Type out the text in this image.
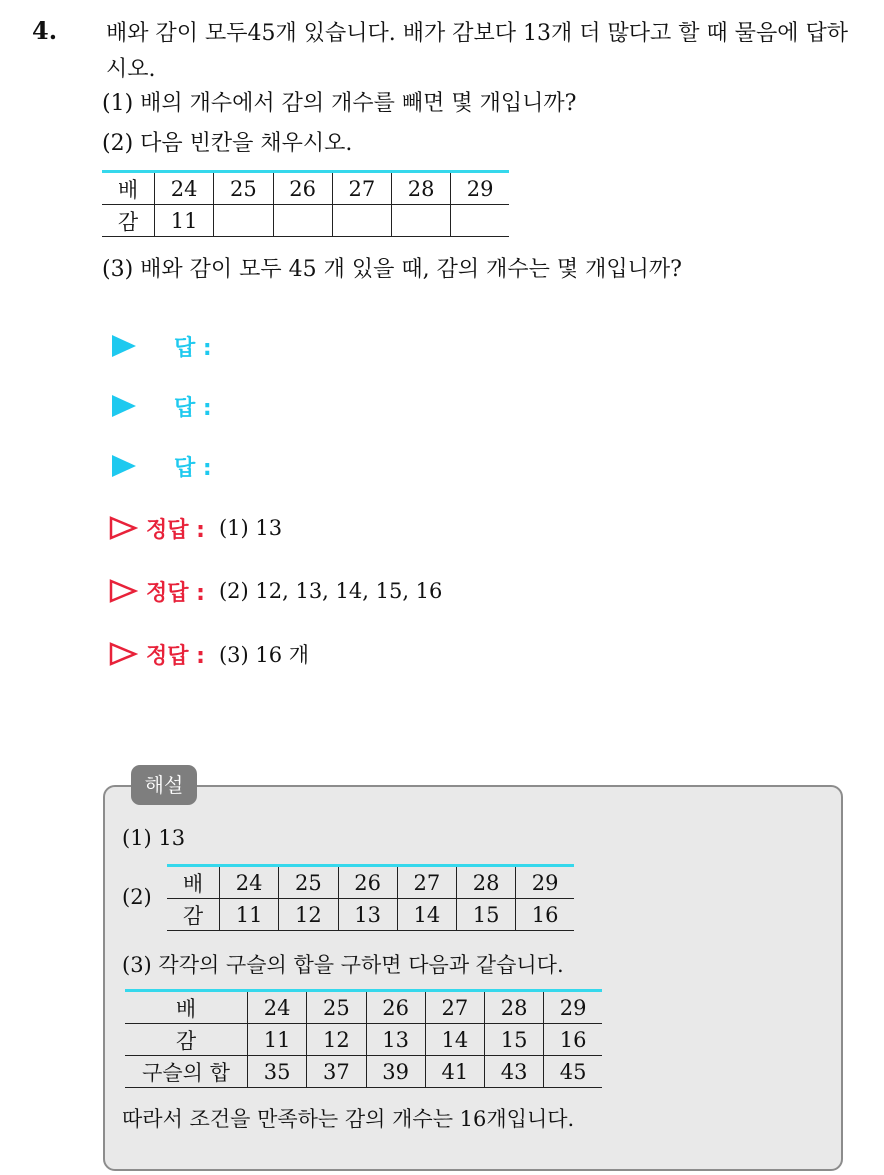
4. 배와 감이 모두45개 있습니다. 배가 감보다 13개 더 많다고 할 때 물음에 답하시오.
(1) 배의 개수에서 감의 개수를 빼면 몇 개입니까?
(2) 다음 빈칸을 채우시오.
배	24	25	26	27	28	29
감	11					
(3) 배와 감이 모두 45 개 있을 때, 감의 개수는 몇 개입니까?
답 :
답 :
답 :
정답 : (1) 13
정답 : (2) 12, 13, 14, 15, 16
정답 : (3) 16 개
해설
(1) 13
(2)
배	24	25	26	27	28	29
감	11	12	13	14	15	16
(3) 각각의 구슬의 합을 구하면 다음과 같습니다.
배	24	25	26	27	28	29
감	11	12	13	14	15	16
구슬의 합	35	37	39	41	43	45
따라서 조건을 만족하는 감의 개수는 16개입니다.
